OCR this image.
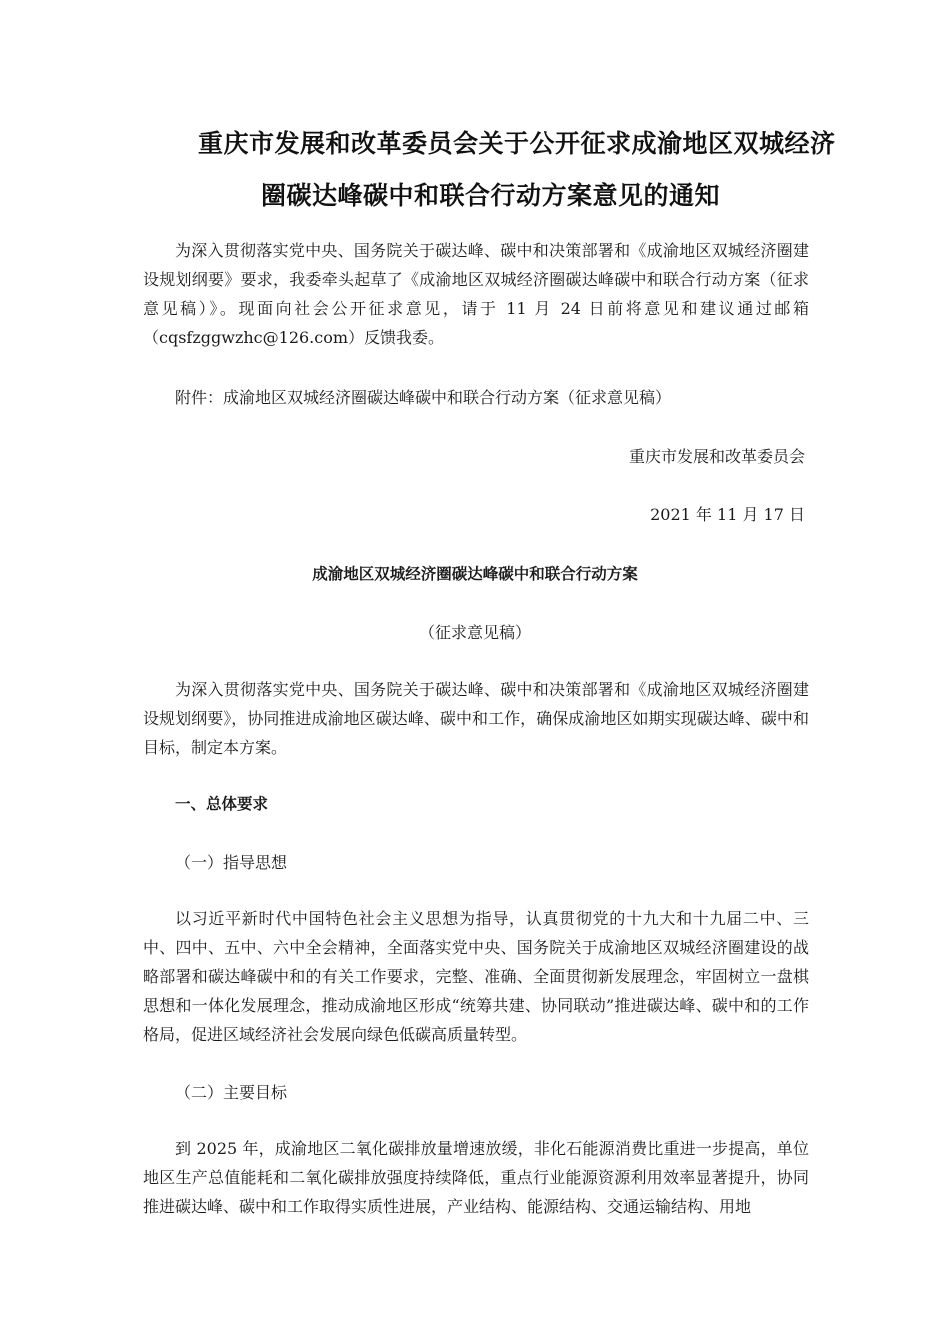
重庆市发展和改革委员会关于公开征求成渝地区双城经济
圈碳达峰碳中和联合行动方案意见的通知

为深入贯彻落实党中央、国务院关于碳达峰、碳中和决策部署和《成渝地区双城经济圈建设规划纲要》要求，我委牵头起草了《成渝地区双城经济圈碳达峰碳中和联合行动方案（征求意见稿）》。现面向社会公开征求意见，请于 11 月 24 日前将意见和建议通过邮箱（cqsfzggwzhc@126.com）反馈我委。

附件：成渝地区双城经济圈碳达峰碳中和联合行动方案（征求意见稿）

重庆市发展和改革委员会

2021 年 11 月 17 日

成渝地区双城经济圈碳达峰碳中和联合行动方案

（征求意见稿）

为深入贯彻落实党中央、国务院关于碳达峰、碳中和决策部署和《成渝地区双城经济圈建设规划纲要》，协同推进成渝地区碳达峰、碳中和工作，确保成渝地区如期实现碳达峰、碳中和目标，制定本方案。

一、总体要求

（一）指导思想

以习近平新时代中国特色社会主义思想为指导，认真贯彻党的十九大和十九届二中、三中、四中、五中、六中全会精神，全面落实党中央、国务院关于成渝地区双城经济圈建设的战略部署和碳达峰碳中和的有关工作要求，完整、准确、全面贯彻新发展理念，牢固树立一盘棋思想和一体化发展理念，推动成渝地区形成“统筹共建、协同联动”推进碳达峰、碳中和的工作格局，促进区域经济社会发展向绿色低碳高质量转型。

（二）主要目标

到 2025 年，成渝地区二氧化碳排放量增速放缓，非化石能源消费比重进一步提高，单位地区生产总值能耗和二氧化碳排放强度持续降低，重点行业能源资源利用效率显著提升，协同推进碳达峰、碳中和工作取得实质性进展，产业结构、能源结构、交通运输结构、用地
